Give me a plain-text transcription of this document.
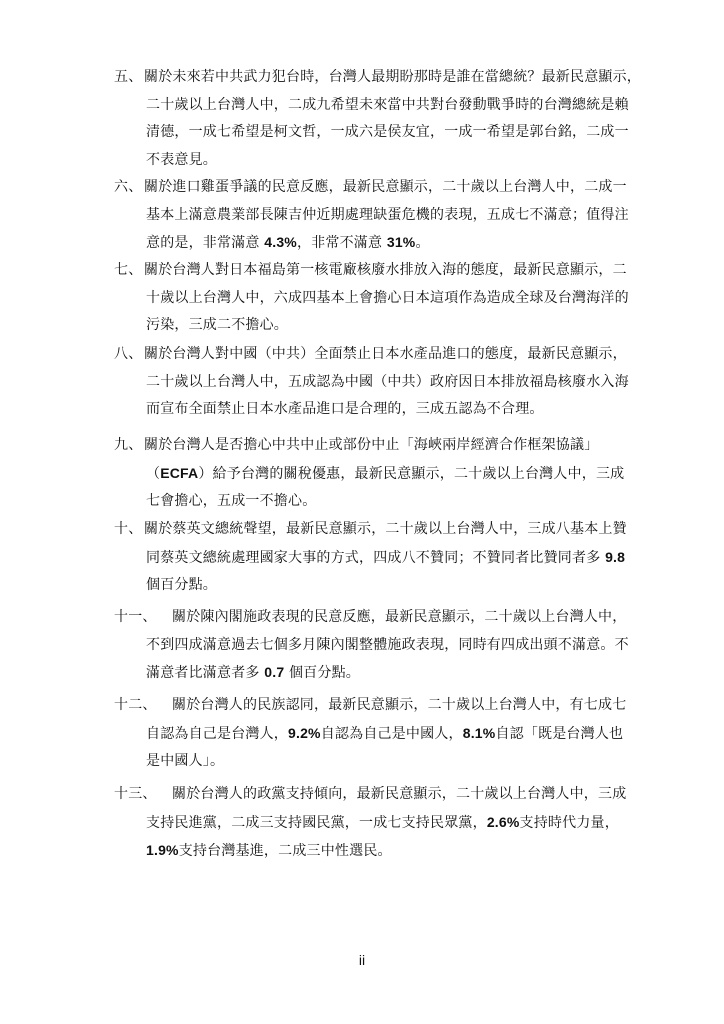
五、 關於未來若中共武力犯台時，台灣人最期盼那時是誰在當總統？最新民意顯示，
二十歲以上台灣人中，二成九希望未來當中共對台發動戰爭時的台灣總統是賴
清德，一成七希望是柯文哲，一成六是侯友宜，一成一希望是郭台銘，二成一
不表意見。
六、 關於進口雞蛋爭議的民意反應，最新民意顯示，二十歲以上台灣人中，二成一
基本上滿意農業部長陳吉仲近期處理缺蛋危機的表現，五成七不滿意；值得注
意的是，非常滿意 4.3%，非常不滿意 31%。
七、 關於台灣人對日本福島第一核電廠核廢水排放入海的態度，最新民意顯示，二
十歲以上台灣人中，六成四基本上會擔心日本這項作為造成全球及台灣海洋的
污染，三成二不擔心。
八、 關於台灣人對中國（中共）全面禁止日本水產品進口的態度，最新民意顯示，
二十歲以上台灣人中，五成認為中國（中共）政府因日本排放福島核廢水入海
而宣布全面禁止日本水產品進口是合理的，三成五認為不合理。
九、 關於台灣人是否擔心中共中止或部份中止「海峽兩岸經濟合作框架協議」
（ECFA）給予台灣的關稅優惠，最新民意顯示，二十歲以上台灣人中，三成
七會擔心，五成一不擔心。
十、 關於蔡英文總統聲望，最新民意顯示，二十歲以上台灣人中，三成八基本上贊
同蔡英文總統處理國家大事的方式，四成八不贊同；不贊同者比贊同者多 9.8
個百分點。
十一、	關於陳內閣施政表現的民意反應，最新民意顯示，二十歲以上台灣人中，
不到四成滿意過去七個多月陳內閣整體施政表現，同時有四成出頭不滿意。不
滿意者比滿意者多 0.7 個百分點。
十二、	關於台灣人的民族認同，最新民意顯示，二十歲以上台灣人中，有七成七
自認為自己是台灣人，9.2%自認為自己是中國人，8.1%自認「既是台灣人也
是中國人」。
十三、	關於台灣人的政黨支持傾向，最新民意顯示，二十歲以上台灣人中，三成
支持民進黨，二成三支持國民黨，一成七支持民眾黨，2.6%支持時代力量，
1.9%支持台灣基進，二成三中性選民。
ii
